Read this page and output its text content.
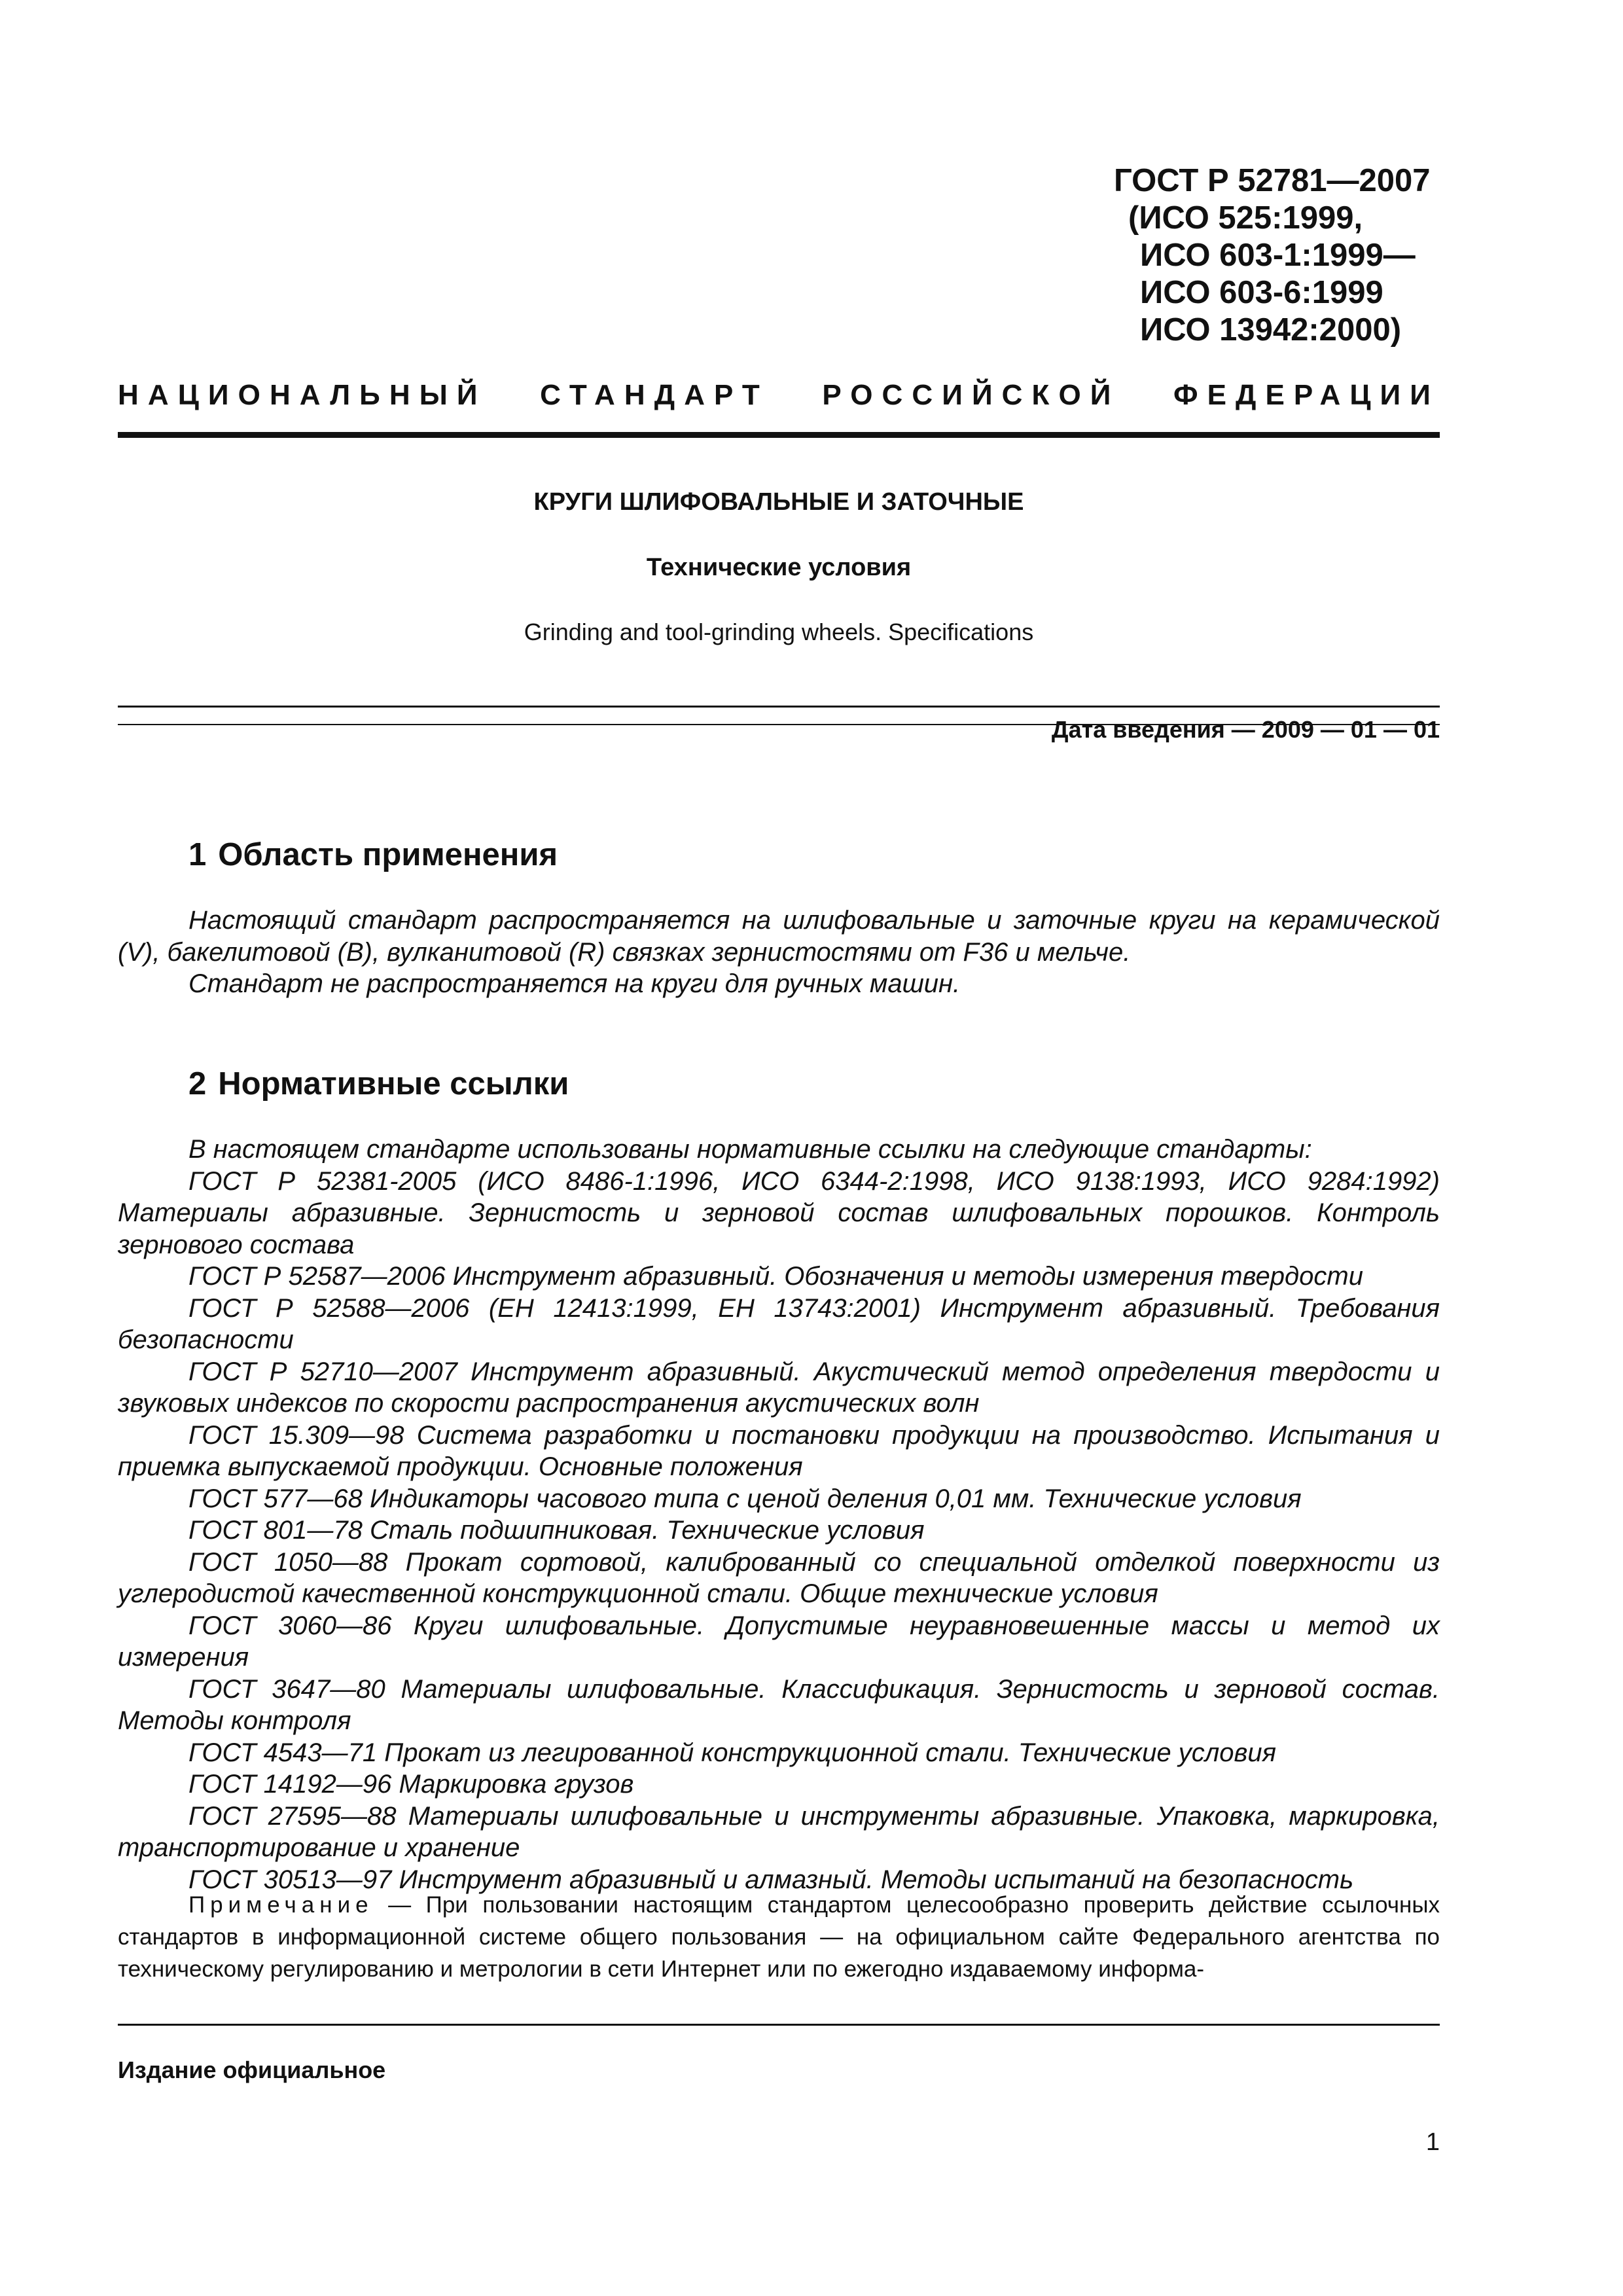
ГОСТ Р 52781—2007
(ИСО 525:1999,
ИСО 603-1:1999—
ИСО 603-6:1999
ИСО 13942:2000)
НАЦИОНАЛЬНЫЙ СТАНДАРТ РОССИЙСКОЙ ФЕДЕРАЦИИ
КРУГИ ШЛИФОВАЛЬНЫЕ И ЗАТОЧНЫЕ
Технические условия
Grinding and tool-grinding wheels. Specifications
Дата введения — 2009 — 01 — 01
1 Область применения

Настоящий стандарт распространяется на шлифовальные и заточные круги на керамической (V), бакелитовой (B), вулканитовой (R) связках зернистостями от F36 и мельче.

Стандарт не распространяется на круги для ручных машин.

2 Нормативные ссылки

В настоящем стандарте использованы нормативные ссылки на следующие стандарты:

ГОСТ Р 52381-2005 (ИСО 8486-1:1996, ИСО 6344-2:1998, ИСО 9138:1993, ИСО 9284:1992) Материалы абразивные. Зернистость и зерновой состав шлифовальных порошков. Контроль зернового состава

ГОСТ Р 52587—2006 Инструмент абразивный. Обозначения и методы измерения твердости

ГОСТ Р 52588—2006 (ЕН 12413:1999, ЕН 13743:2001) Инструмент абразивный. Требования безопасности

ГОСТ Р 52710—2007 Инструмент абразивный. Акустический метод определения твердости и звуковых индексов по скорости распространения акустических волн

ГОСТ 15.309—98 Система разработки и постановки продукции на производство. Испытания и приемка выпускаемой продукции. Основные положения

ГОСТ 577—68 Индикаторы часового типа с ценой деления 0,01 мм. Технические условия

ГОСТ 801—78 Сталь подшипниковая. Технические условия

ГОСТ 1050—88 Прокат сортовой, калиброванный со специальной отделкой поверхности из углеродистой качественной конструкционной стали. Общие технические условия

ГОСТ 3060—86 Круги шлифовальные. Допустимые неуравновешенные массы и метод их измерения

ГОСТ 3647—80 Материалы шлифовальные. Классификация. Зернистость и зерновой состав. Методы контроля

ГОСТ 4543—71 Прокат из легированной конструкционной стали. Технические условия

ГОСТ 14192—96 Маркировка грузов

ГОСТ 27595—88 Материалы шлифовальные и инструменты абразивные. Упаковка, маркировка, транспортирование и хранение

ГОСТ 30513—97 Инструмент абразивный и алмазный. Методы испытаний на безопасность

Примечание — При пользовании настоящим стандартом целесообразно проверить действие ссылочных стандартов в информационной системе общего пользования — на официальном сайте Федерального агентства по техническому регулированию и метрологии в сети Интернет или по ежегодно издаваемому информа-
Издание официальное
1
